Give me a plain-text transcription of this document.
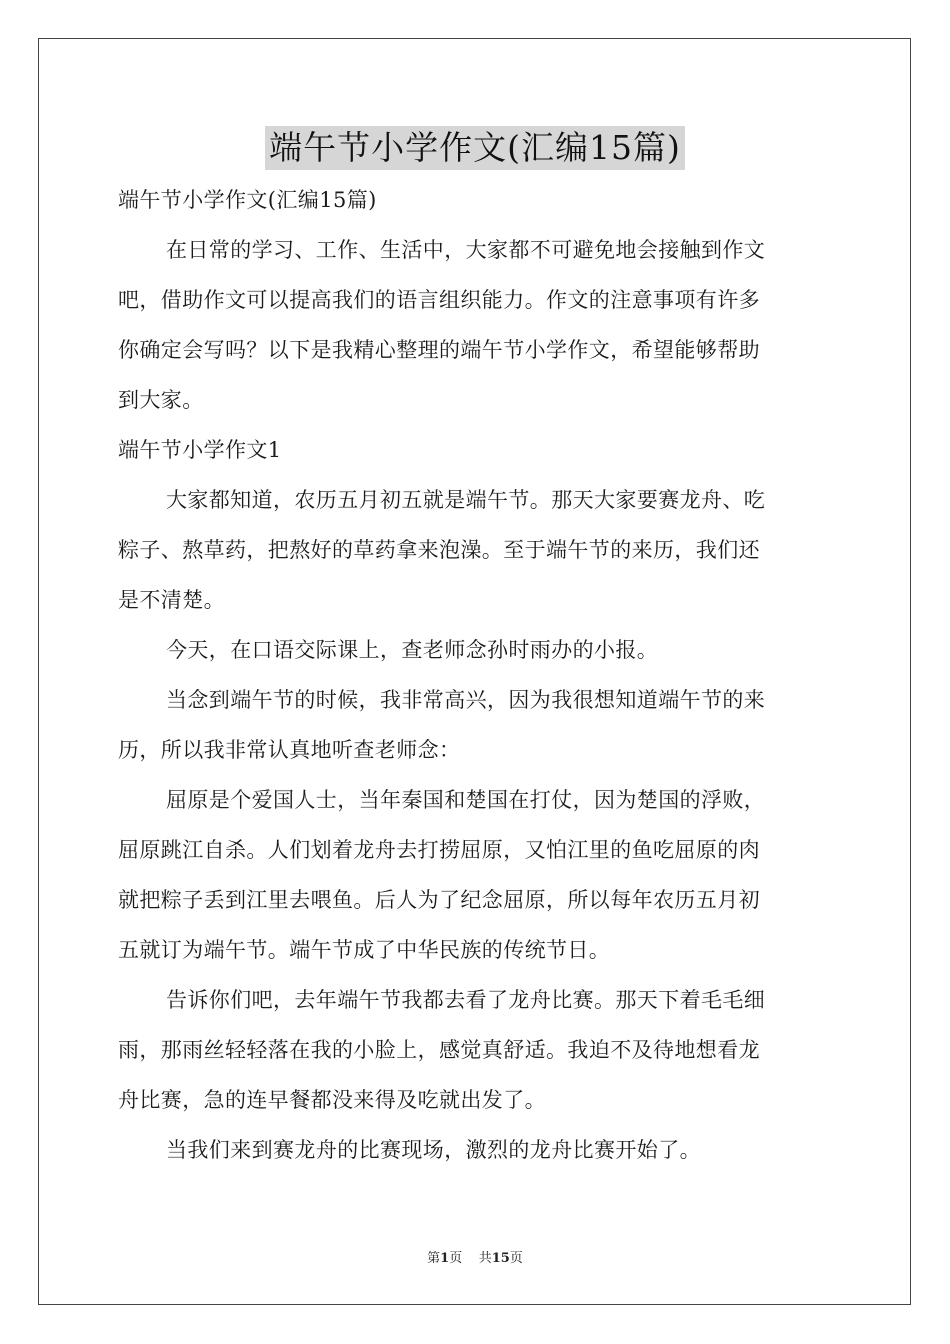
端午节小学作文(汇编15篇)

端午节小学作文(汇编15篇)

在日常的学习、工作、生活中，大家都不可避免地会接触到作文

吧，借助作文可以提高我们的语言组织能力。作文的注意事项有许多

你确定会写吗？以下是我精心整理的端午节小学作文，希望能够帮助

到大家。

端午节小学作文1

大家都知道，农历五月初五就是端午节。那天大家要赛龙舟、吃

粽子、熬草药，把熬好的草药拿来泡澡。至于端午节的来历，我们还

是不清楚。

今天，在口语交际课上，查老师念孙时雨办的小报。

当念到端午节的时候，我非常高兴，因为我很想知道端午节的来

历，所以我非常认真地听查老师念：

屈原是个爱国人士，当年秦国和楚国在打仗，因为楚国的浮败，

屈原跳江自杀。人们划着龙舟去打捞屈原，又怕江里的鱼吃屈原的肉

就把粽子丢到江里去喂鱼。后人为了纪念屈原，所以每年农历五月初

五就订为端午节。端午节成了中华民族的传统节日。

告诉你们吧，去年端午节我都去看了龙舟比赛。那天下着毛毛细

雨，那雨丝轻轻落在我的小脸上，感觉真舒适。我迫不及待地想看龙

舟比赛，急的连早餐都没来得及吃就出发了。

当我们来到赛龙舟的比赛现场，激烈的龙舟比赛开始了。

第1页 共15页
